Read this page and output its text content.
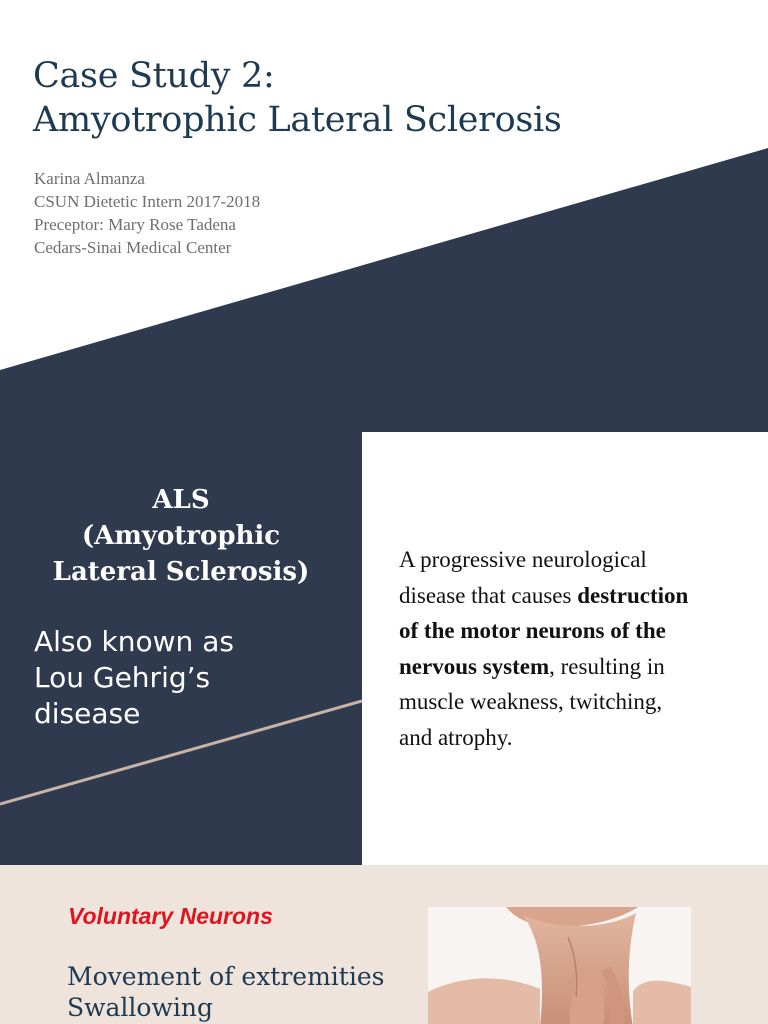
Case Study 2:
Amyotrophic Lateral Sclerosis
Karina Almanza
CSUN Dietetic Intern 2017-2018
Preceptor: Mary Rose Tadena
Cedars-Sinai Medical Center
ALS
(Amyotrophic
Lateral Sclerosis)
Also known as
Lou Gehrig’s
disease
A progressive neurological
disease that causes destruction
of the motor neurons of the
nervous system, resulting in
muscle weakness, twitching,
and atrophy.
Voluntary Neurons
Movement of extremities
Swallowing
